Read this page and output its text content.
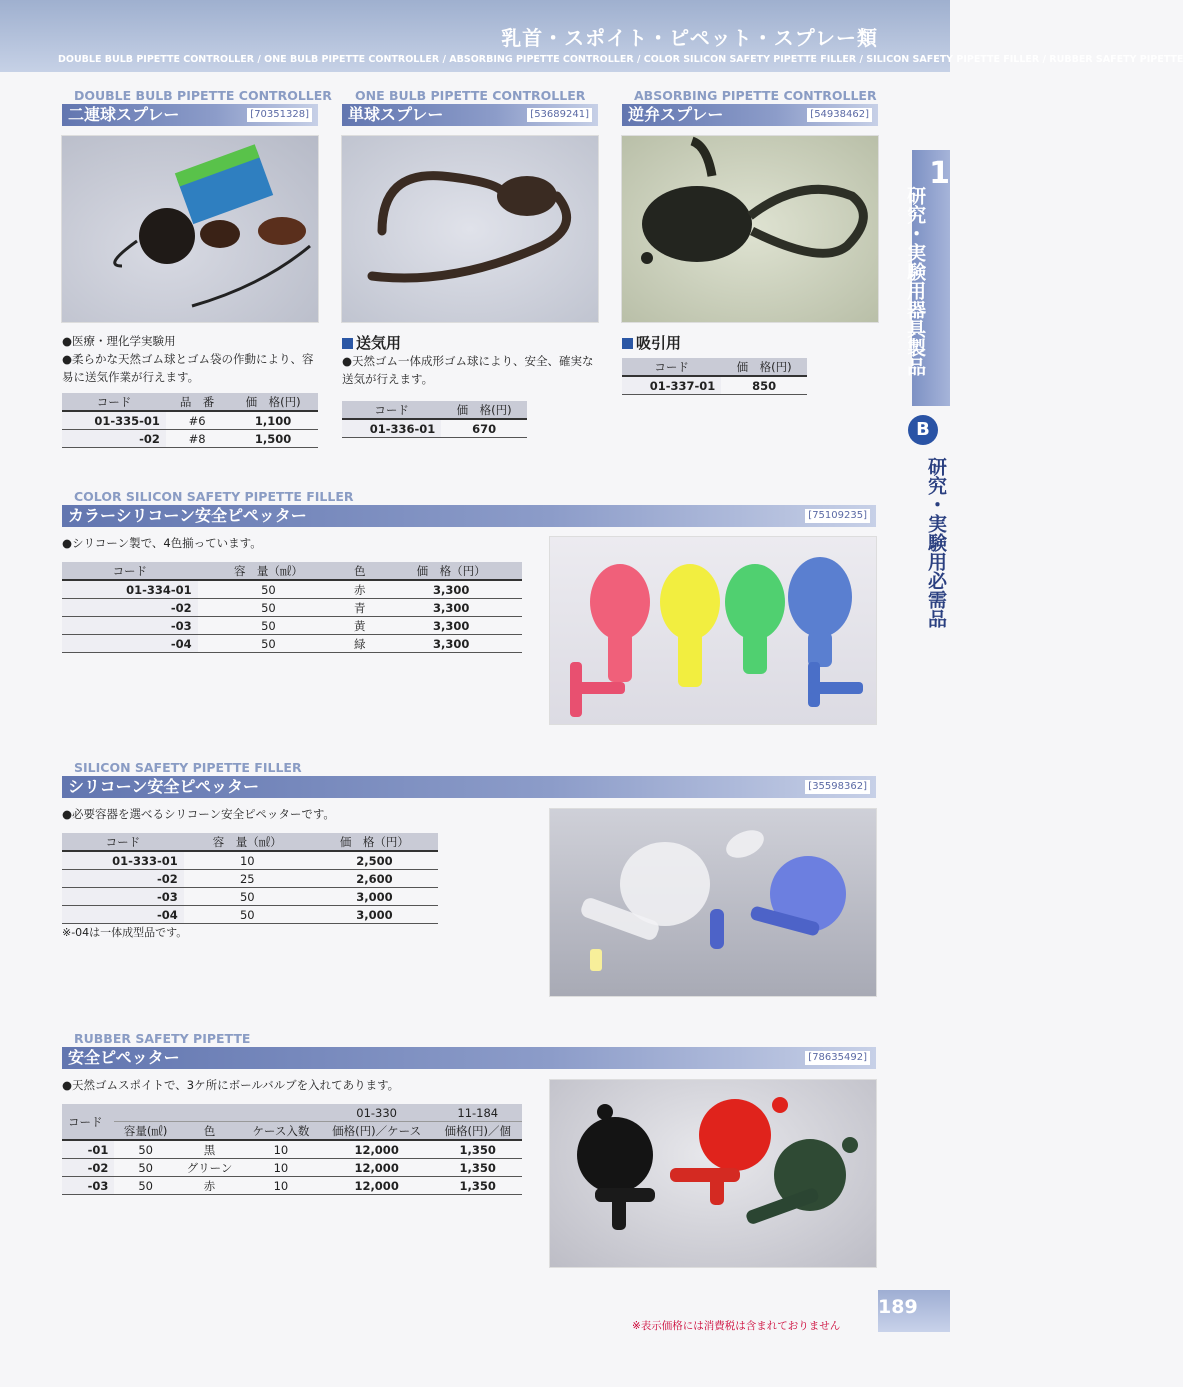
乳首・スポイト・ピペット・スプレー類
DOUBLE BULB PIPETTE CONTROLLER / ONE BULB PIPETTE CONTROLLER / ABSORBING PIPETTE CONTROLLER / COLOR SILICON SAFETY PIPETTE FILLER / SILICON SAFETY PIPETTE FILLER / RUBBER SAFETY PIPETTE
1
研究・実験用器具製品
B
研究・実験用必需品
DOUBLE BULB PIPETTE CONTROLLER
二連球スプレー	[70351328]
●医療・理化学実験用
●柔らかな天然ゴム球とゴム袋の作動により、容易に送気作業が行えます。
コード	品　番	価　格(円)
01-335-01	#6	1,100
-02	#8	1,500
ONE BULB PIPETTE CONTROLLER
単球スプレー	[53689241]
送気用
●天然ゴム一体成形ゴム球により、安全、確実な送気が行えます。
コード	価　格(円)
01-336-01	670
ABSORBING PIPETTE CONTROLLER
逆弁スプレー	[54938462]
吸引用
コード	価　格(円)
01-337-01	850
COLOR SILICON SAFETY PIPETTE FILLER
カラーシリコーン安全ピペッター	[75109235]
●シリコーン製で、4色揃っています。
コード	容　量（㎖）	色	価　格（円）
01-334-01	50	赤	3,300
-02	50	青	3,300
-03	50	黄	3,300
-04	50	緑	3,300
SILICON SAFETY PIPETTE FILLER
シリコーン安全ピペッター	[35598362]
●必要容器を選べるシリコーン安全ピペッターです。
コード	容　量（㎖）	価　格（円）
01-333-01	10	2,500
-02	25	2,600
-03	50	3,000
-04	50	3,000
※-04は一体成型品です。
RUBBER SAFETY PIPETTE
安全ピペッター	[78635492]
●天然ゴムスポイトで、3ケ所にボールバルブを入れてあります。
コード				01-330	11-184
	容量(㎖)	色	ケース入数	価格(円)／ケース	価格(円)／個
-01	50	黒	10	12,000	1,350
-02	50	グリーン	10	12,000	1,350
-03	50	赤	10	12,000	1,350
189
※表示価格には消費税は含まれておりません
